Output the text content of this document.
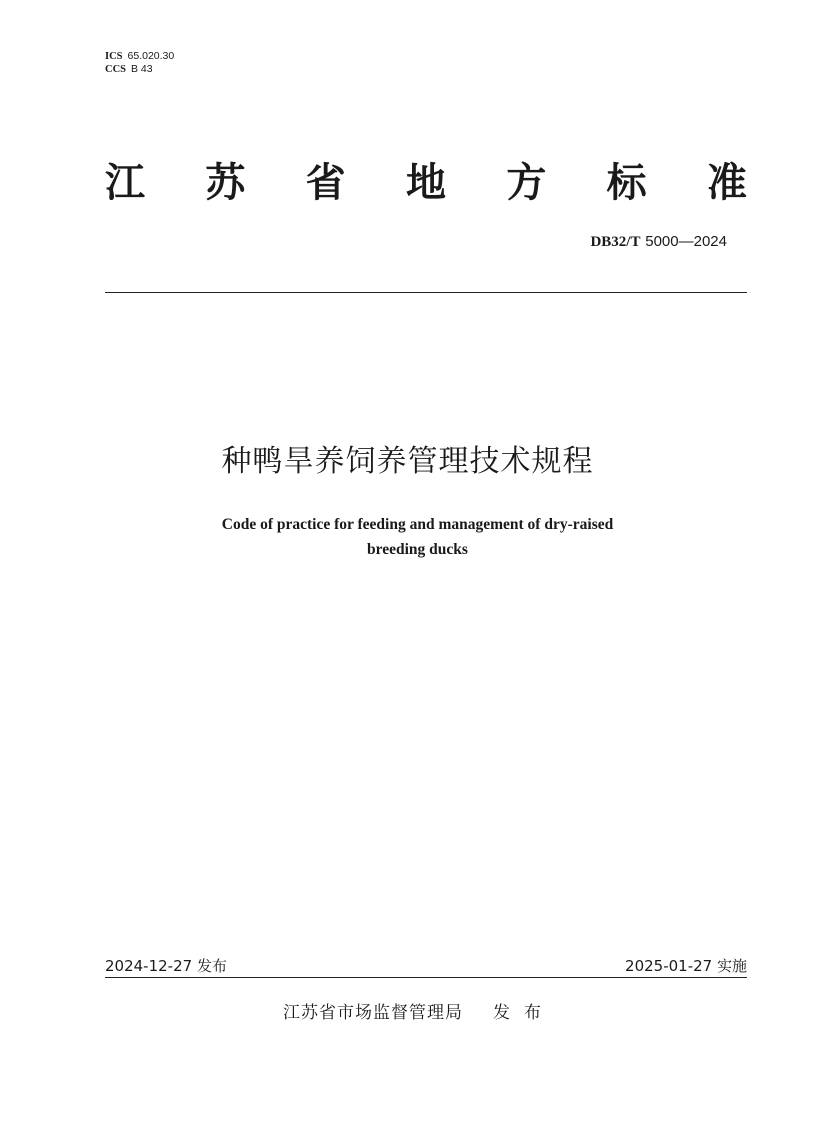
ICS 65.020.30
CCS B 43
江 苏 省 地 方 标 准
DB32/T 5000—2024
种鸭旱养饲养管理技术规程
Code of practice for feeding and management of dry-raised
breeding ducks
2024-12-27 发布	2025-01-27 实施
江苏省市场监督管理局 发布
